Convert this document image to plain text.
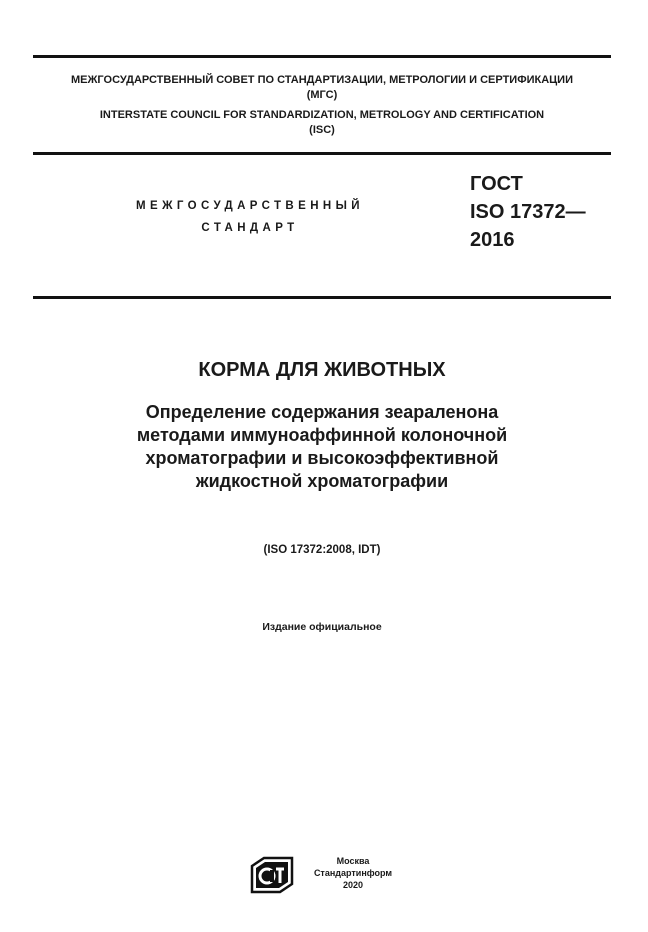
МЕЖГОСУДАРСТВЕННЫЙ СОВЕТ ПО СТАНДАРТИЗАЦИИ, МЕТРОЛОГИИ И СЕРТИФИКАЦИИ
(МГС)
INTERSTATE COUNCIL FOR STANDARDIZATION, METROLOGY AND CERTIFICATION
(ISC)
МЕЖГОСУДАРСТВЕННЫЙ
СТАНДАРТ
ГОСТ
ISO 17372—
2016
КОРМА ДЛЯ ЖИВОТНЫХ
Определение содержания зеараленона
методами иммуноаффинной колоночной
хроматографии и высокоэффективной
жидкостной хроматографии
(ISO 17372:2008, IDT)
Издание официальное
Москва
Стандартинформ
2020
